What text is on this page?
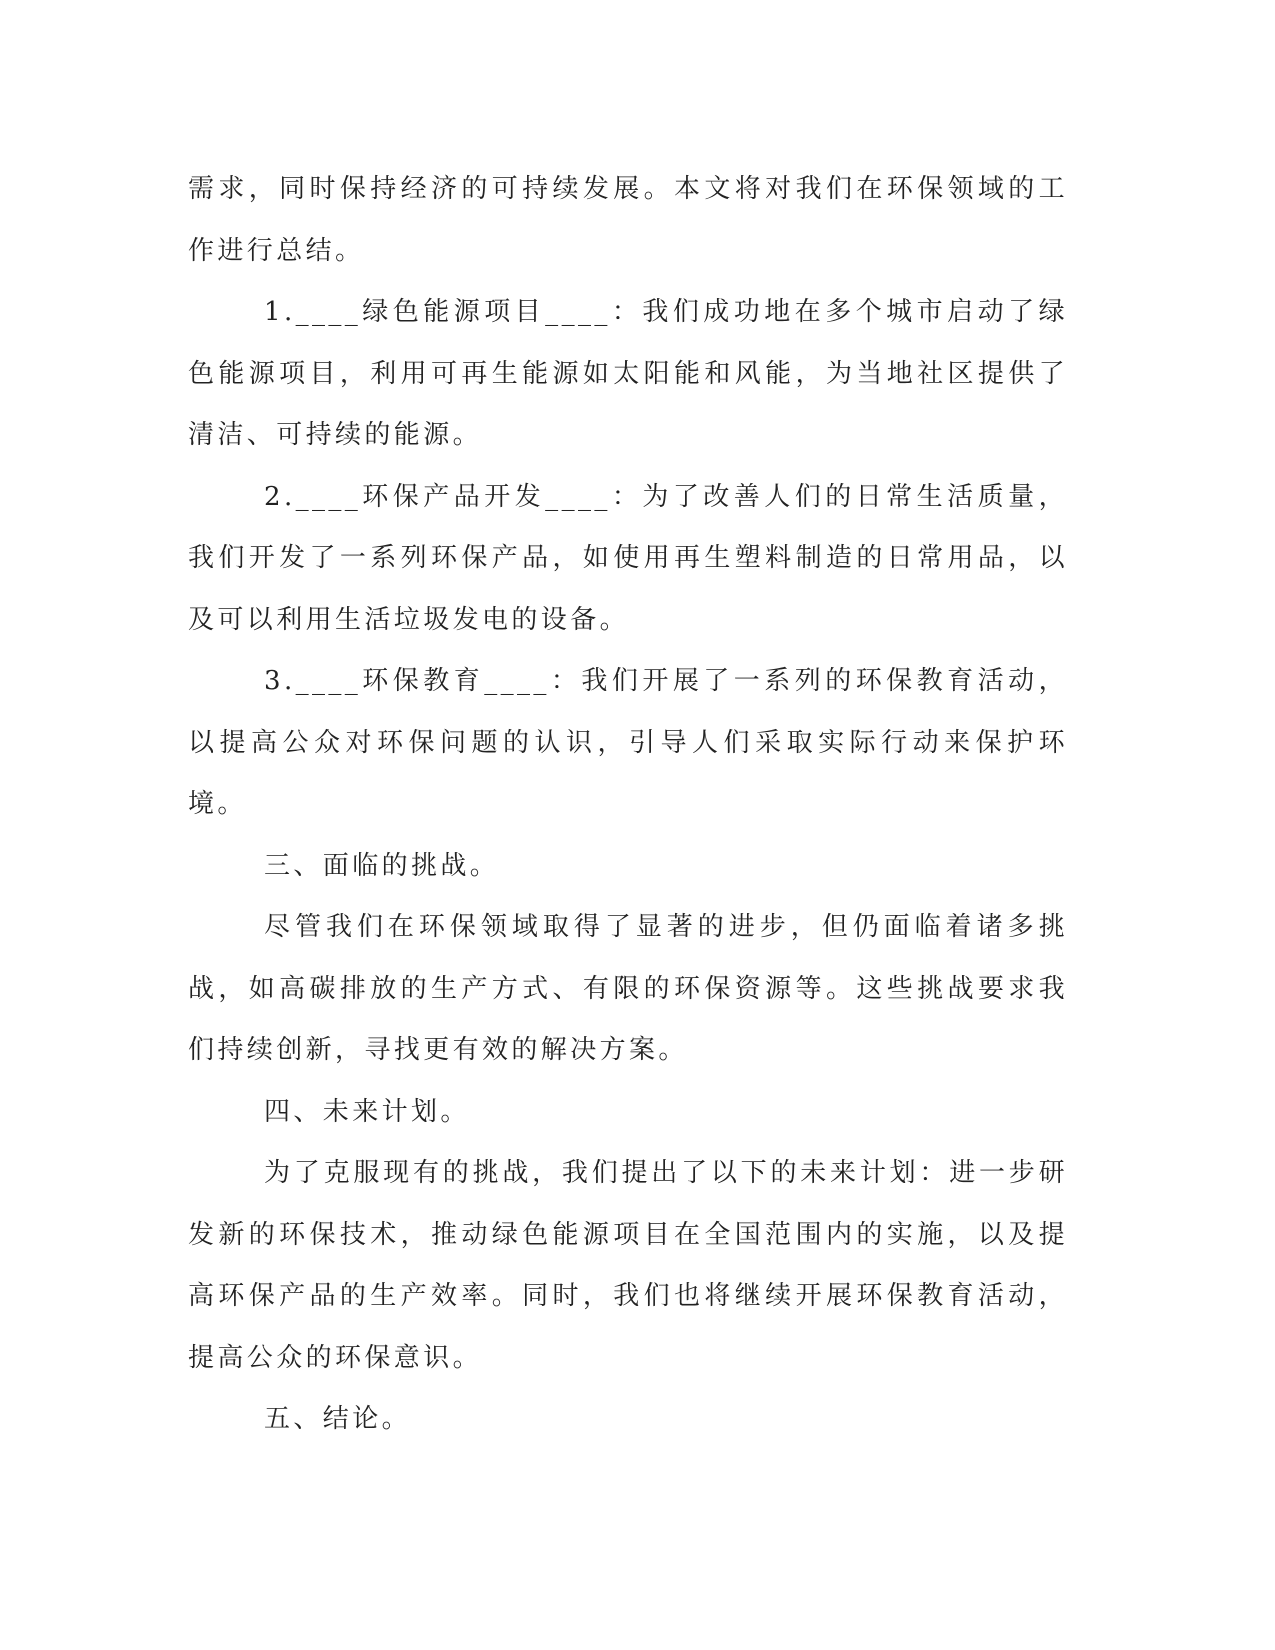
需求，同时保持经济的可持续发展。本文将对我们在环保领域的工作进行总结。

1.____绿色能源项目____：我们成功地在多个城市启动了绿色能源项目，利用可再生能源如太阳能和风能，为当地社区提供了清洁、可持续的能源。

2.____环保产品开发____：为了改善人们的日常生活质量，我们开发了一系列环保产品，如使用再生塑料制造的日常用品，以及可以利用生活垃圾发电的设备。

3.____环保教育____：我们开展了一系列的环保教育活动，以提高公众对环保问题的认识，引导人们采取实际行动来保护环境。

三、面临的挑战。

尽管我们在环保领域取得了显著的进步，但仍面临着诸多挑战，如高碳排放的生产方式、有限的环保资源等。这些挑战要求我们持续创新，寻找更有效的解决方案。

四、未来计划。

为了克服现有的挑战，我们提出了以下的未来计划：进一步研发新的环保技术，推动绿色能源项目在全国范围内的实施，以及提高环保产品的生产效率。同时，我们也将继续开展环保教育活动，提高公众的环保意识。

五、结论。
